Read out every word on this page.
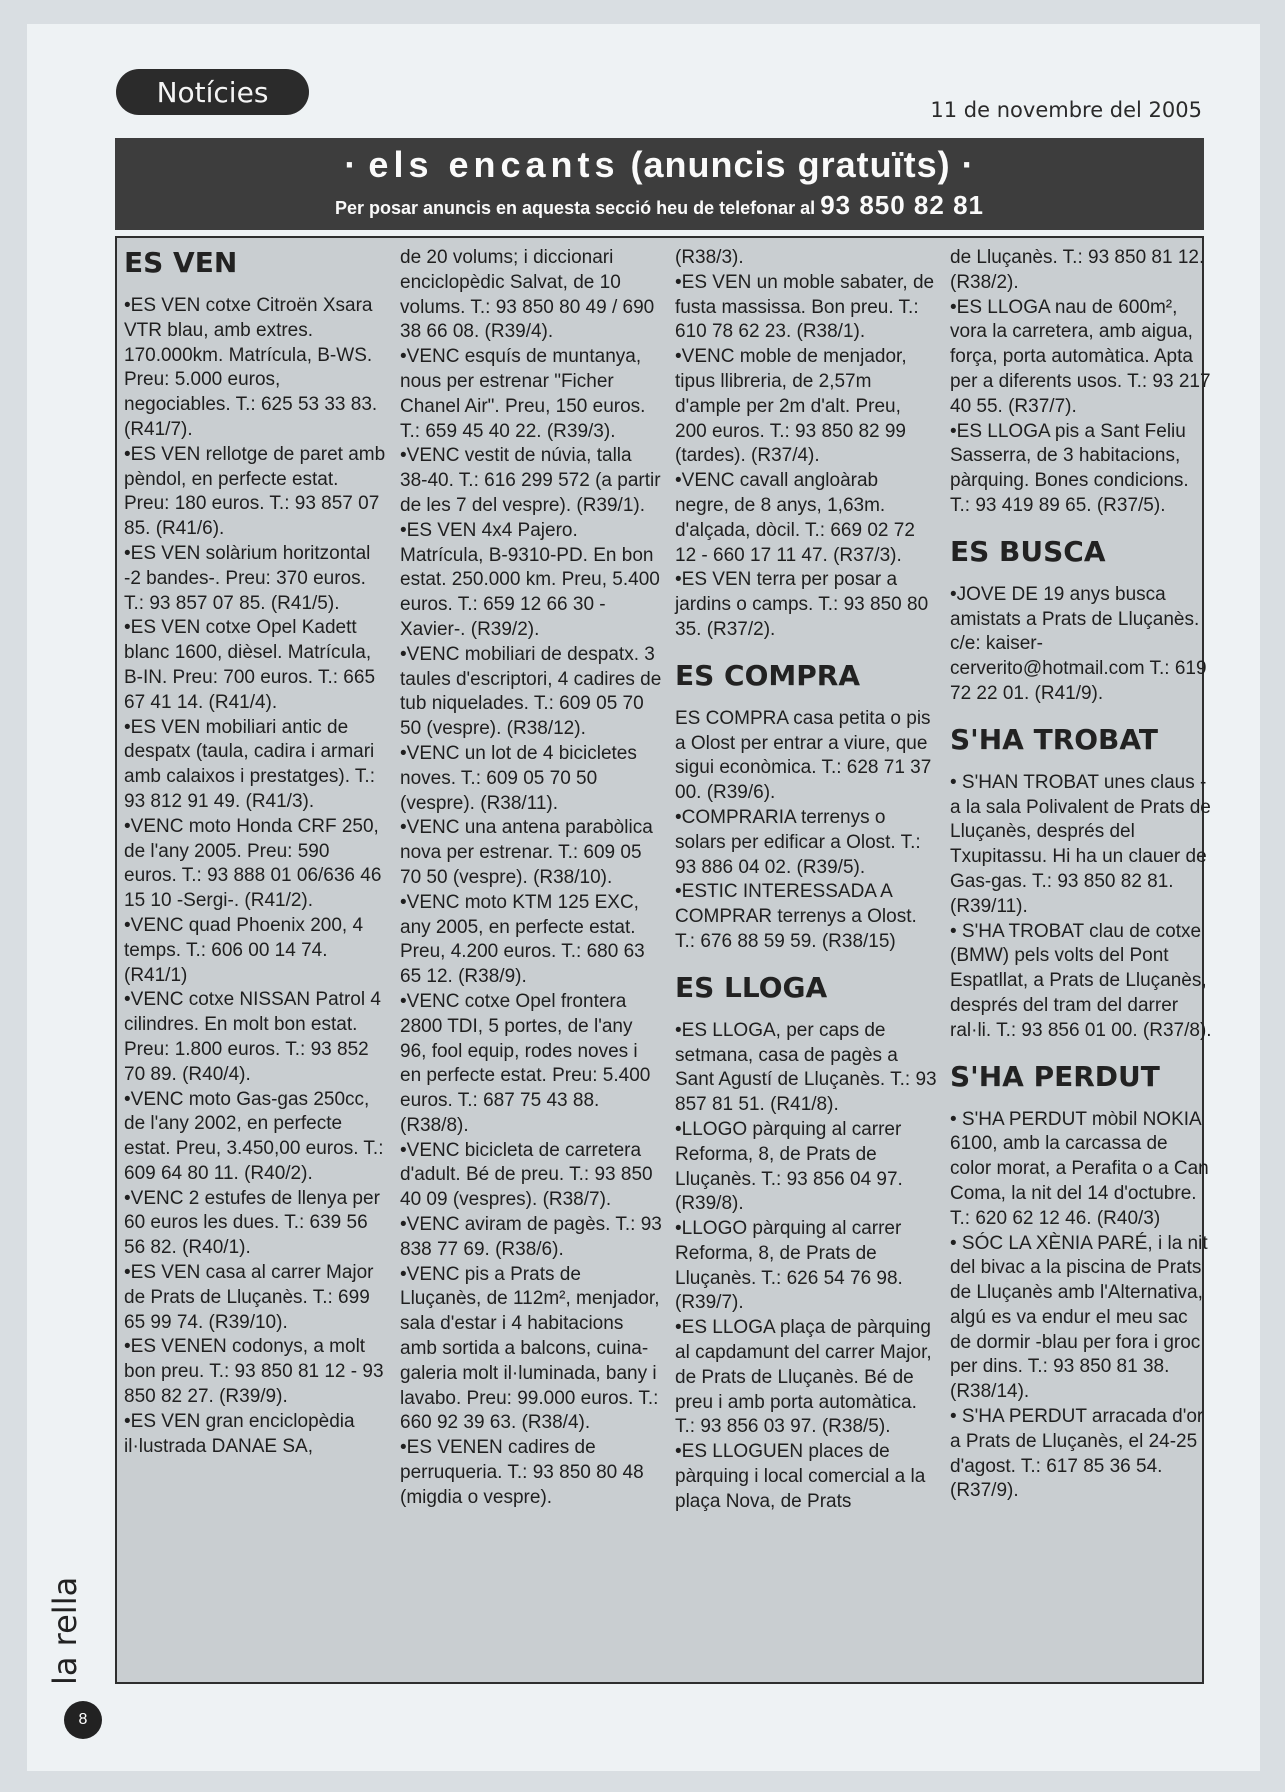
Notícies
11 de novembre del 2005
· els encants (anuncis gratuïts) ·
Per posar anuncis en aquesta secció heu de telefonar al 93 850 82 81
ES VEN

•ES VEN cotxe Citroën Xsara VTR blau, amb extres. 170.000km. Matrícula, B-WS. Preu: 5.000 euros, negociables. T.: 625 53 33 83. (R41/7).

•ES VEN rellotge de paret amb pèndol, en perfecte estat. Preu: 180 euros. T.: 93 857 07 85. (R41/6).

•ES VEN solàrium horitzontal -2 bandes-. Preu: 370 euros. T.: 93 857 07 85. (R41/5).

•ES VEN cotxe Opel Kadett blanc 1600, dièsel. Matrícula, B-IN. Preu: 700 euros. T.: 665 67 41 14. (R41/4).

•ES VEN mobiliari antic de despatx (taula, cadira i armari amb calaixos i prestatges). T.: 93 812 91 49. (R41/3).

•VENC moto Honda CRF 250, de l'any 2005. Preu: 590 euros. T.: 93 888 01 06/636 46 15 10 -Sergi-. (R41/2).

•VENC quad Phoenix 200, 4 temps. T.: 606 00 14 74. (R41/1)

•VENC cotxe NISSAN Patrol 4 cilindres. En molt bon estat. Preu: 1.800 euros. T.: 93 852 70 89. (R40/4).

•VENC moto Gas-gas 250cc, de l'any 2002, en perfecte estat. Preu, 3.450,00 euros. T.: 609 64 80 11. (R40/2).

•VENC 2 estufes de llenya per 60 euros les dues. T.: 639 56 56 82. (R40/1).

•ES VEN casa al carrer Major de Prats de Lluçanès. T.: 699 65 99 74. (R39/10).

•ES VENEN codonys, a molt bon preu. T.: 93 850 81 12 - 93 850 82 27. (R39/9).

•ES VEN gran enciclopèdia il·lustrada DANAE SA,

de 20 volums; i diccionari enciclopèdic Salvat, de 10 volums. T.: 93 850 80 49 / 690 38 66 08. (R39/4).

•VENC esquís de muntanya, nous per estrenar "Ficher Chanel Air". Preu, 150 euros. T.: 659 45 40 22. (R39/3).

•VENC vestit de núvia, talla 38-40. T.: 616 299 572 (a partir de les 7 del vespre). (R39/1).

•ES VEN 4x4 Pajero. Matrícula, B-9310-PD. En bon estat. 250.000 km. Preu, 5.400 euros. T.: 659 12 66 30 -Xavier-. (R39/2).

•VENC mobiliari de despatx. 3 taules d'escriptori, 4 cadires de tub niquelades. T.: 609 05 70 50 (vespre). (R38/12).

•VENC un lot de 4 bicicletes noves. T.: 609 05 70 50 (vespre). (R38/11).

•VENC una antena parabòlica nova per estrenar. T.: 609 05 70 50 (vespre). (R38/10).

•VENC moto KTM 125 EXC, any 2005, en perfecte estat. Preu, 4.200 euros. T.: 680 63 65 12. (R38/9).

•VENC cotxe Opel frontera 2800 TDI, 5 portes, de l'any 96, fool equip, rodes noves i en perfecte estat. Preu: 5.400 euros. T.: 687 75 43 88. (R38/8).

•VENC bicicleta de carretera d'adult. Bé de preu. T.: 93 850 40 09 (vespres). (R38/7).

•VENC aviram de pagès. T.: 93 838 77 69. (R38/6).

•VENC pis a Prats de Lluçanès, de 112m², menjador, sala d'estar i 4 habitacions amb sortida a balcons, cuina-galeria molt il·luminada, bany i lavabo. Preu: 99.000 euros. T.: 660 92 39 63. (R38/4).

•ES VENEN cadires de perruqueria. T.: 93 850 80 48 (migdia o vespre).

(R38/3).

•ES VEN un moble sabater, de fusta massissa. Bon preu. T.: 610 78 62 23. (R38/1).

•VENC moble de menjador, tipus llibreria, de 2,57m d'ample per 2m d'alt. Preu, 200 euros. T.: 93 850 82 99 (tardes). (R37/4).

•VENC cavall angloàrab negre, de 8 anys, 1,63m. d'alçada, dòcil. T.: 669 02 72 12 - 660 17 11 47. (R37/3).

•ES VEN terra per posar a jardins o camps. T.: 93 850 80 35. (R37/2).

ES COMPRA

ES COMPRA casa petita o pis a Olost per entrar a viure, que sigui econòmica. T.: 628 71 37 00. (R39/6).

•COMPRARIA terrenys o solars per edificar a Olost. T.: 93 886 04 02. (R39/5).

•ESTIC INTERESSADA A COMPRAR terrenys a Olost. T.: 676 88 59 59. (R38/15)

ES LLOGA

•ES LLOGA, per caps de setmana, casa de pagès a Sant Agustí de Lluçanès. T.: 93 857 81 51. (R41/8).

•LLOGO pàrquing al carrer Reforma, 8, de Prats de Lluçanès. T.: 93 856 04 97. (R39/8).

•LLOGO pàrquing al carrer Reforma, 8, de Prats de Lluçanès. T.: 626 54 76 98. (R39/7).

•ES LLOGA plaça de pàrquing al capdamunt del carrer Major, de Prats de Lluçanès. Bé de preu i amb porta automàtica. T.: 93 856 03 97. (R38/5).

•ES LLOGUEN places de pàrquing i local comercial a la plaça Nova, de Prats

de Lluçanès. T.: 93 850 81 12. (R38/2).

•ES LLOGA nau de 600m², vora la carretera, amb aigua, força, porta automàtica. Apta per a diferents usos. T.: 93 217 40 55. (R37/7).

•ES LLOGA pis a Sant Feliu Sasserra, de 3 habitacions, pàrquing. Bones condicions. T.: 93 419 89 65. (R37/5).

ES BUSCA

•JOVE DE 19 anys busca amistats a Prats de Lluçanès. c/e: kaiser-cerverito@hotmail.com T.: 619 72 22 01. (R41/9).

S'HA TROBAT

• S'HAN TROBAT unes claus -a la sala Polivalent de Prats de Lluçanès, després del Txupitassu. Hi ha un clauer de Gas-gas. T.: 93 850 82 81. (R39/11).

• S'HA TROBAT clau de cotxe (BMW) pels volts del Pont Espatllat, a Prats de Lluçanès, després del tram del darrer ral·li. T.: 93 856 01 00. (R37/8).

S'HA PERDUT

• S'HA PERDUT mòbil NOKIA 6100, amb la carcassa de color morat, a Perafita o a Can Coma, la nit del 14 d'octubre. T.: 620 62 12 46. (R40/3)

• SÓC LA XÈNIA PARÉ, i la nit del bivac a la piscina de Prats de Lluçanès amb l'Alternativa, algú es va endur el meu sac de dormir -blau per fora i groc per dins. T.: 93 850 81 38. (R38/14).

• S'HA PERDUT arracada d'or a Prats de Lluçanès, el 24-25 d'agost. T.: 617 85 36 54. (R37/9).

la rella
8
